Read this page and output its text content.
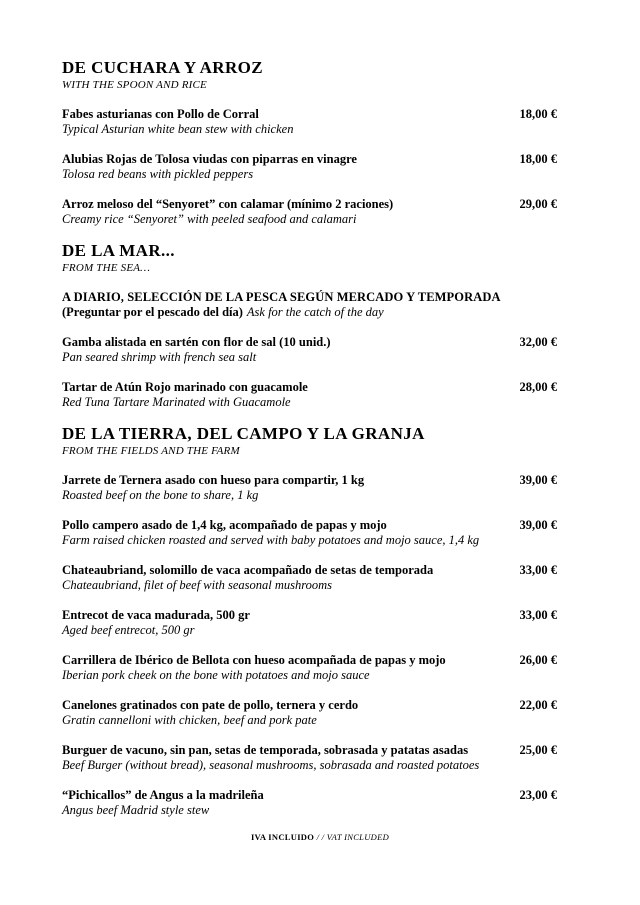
DE CUCHARA Y ARROZ
WITH THE SPOON AND RICE
Fabes asturianas con Pollo de Corral	18,00 €
Typical Asturian white bean stew with chicken
Alubias Rojas de Tolosa viudas con piparras en vinagre	18,00 €
Tolosa red beans with pickled peppers
Arroz meloso del “Senyoret” con calamar (mínimo 2 raciones)	29,00 €
Creamy rice “Senyoret” with peeled seafood and calamari
DE LA MAR...
FROM THE SEA…
A DIARIO, SELECCIÓN DE LA PESCA SEGÚN MERCADO Y TEMPORADA
(Preguntar por el pescado del día) Ask for the catch of the day
Gamba alistada en sartén con flor de sal (10 unid.)	32,00 €
Pan seared shrimp with french sea salt
Tartar de Atún Rojo marinado con guacamole	28,00 €
Red Tuna Tartare Marinated with Guacamole
DE LA TIERRA, DEL CAMPO Y LA GRANJA
FROM THE FIELDS AND THE FARM
Jarrete de Ternera asado con hueso para compartir, 1 kg	39,00 €
Roasted beef on the bone to share, 1 kg
Pollo campero asado de 1,4 kg, acompañado de papas y mojo	39,00 €
Farm raised chicken roasted and served with baby potatoes and mojo sauce, 1,4 kg
Chateaubriand, solomillo de vaca acompañado de setas de temporada	33,00 €
Chateaubriand, filet of beef with seasonal mushrooms
Entrecot de vaca madurada, 500 gr	33,00 €
Aged beef entrecot, 500 gr
Carrillera de Ibérico de Bellota con hueso acompañada de papas y mojo	26,00 €
Iberian pork cheek on the bone with potatoes and mojo sauce
Canelones gratinados con pate de pollo, ternera y cerdo	22,00 €
Gratin cannelloni with chicken, beef and pork pate
Burguer de vacuno, sin pan, setas de temporada, sobrasada y patatas asadas	25,00 €
Beef Burger (without bread), seasonal mushrooms, sobrasada and roasted potatoes
“Pichicallos” de Angus a la madrileña	23,00 €
Angus beef Madrid style stew
IVA INCLUIDO / / VAT INCLUDED
